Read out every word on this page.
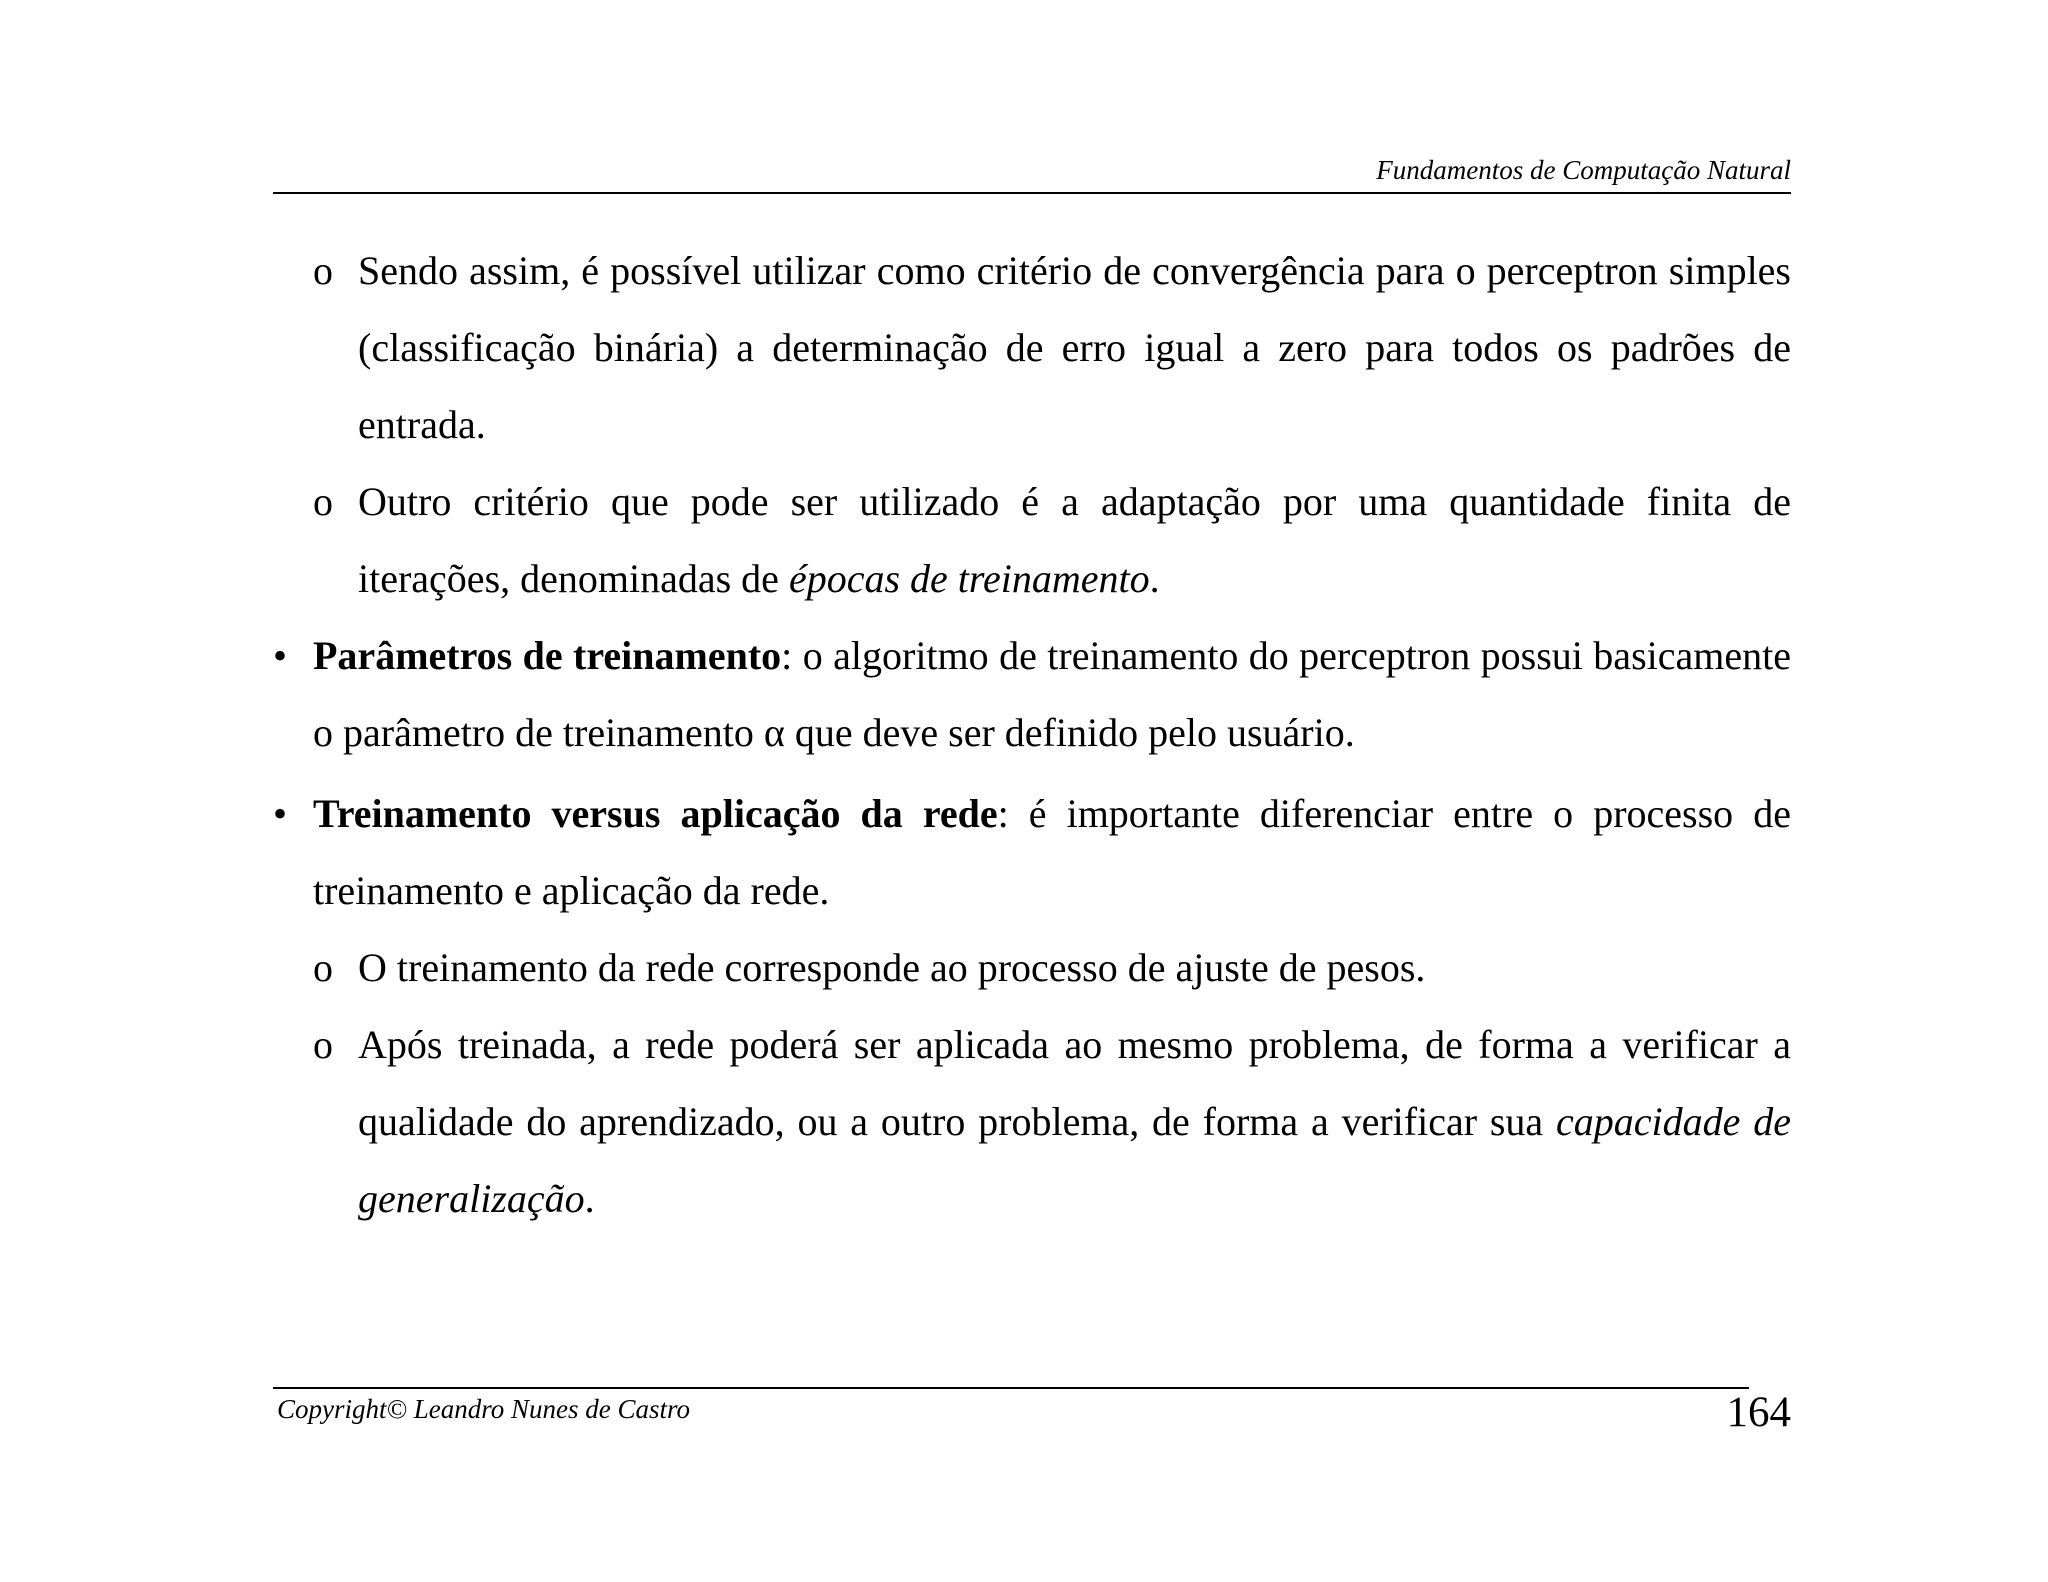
Fundamentos de Computação Natural
o Sendo assim, é possível utilizar como critério de convergência para o perceptron simples (classificação binária) a determinação de erro igual a zero para todos os padrões de entrada.
o Outro critério que pode ser utilizado é a adaptação por uma quantidade finita de iterações, denominadas de épocas de treinamento.
• Parâmetros de treinamento: o algoritmo de treinamento do perceptron possui basicamente o parâmetro de treinamento α que deve ser definido pelo usuário.
• Treinamento versus aplicação da rede: é importante diferenciar entre o processo de treinamento e aplicação da rede.
o O treinamento da rede corresponde ao processo de ajuste de pesos.
o Após treinada, a rede poderá ser aplicada ao mesmo problema, de forma a verificar a qualidade do aprendizado, ou a outro problema, de forma a verificar sua capacidade de generalização.
Copyright© Leandro Nunes de Castro	164
